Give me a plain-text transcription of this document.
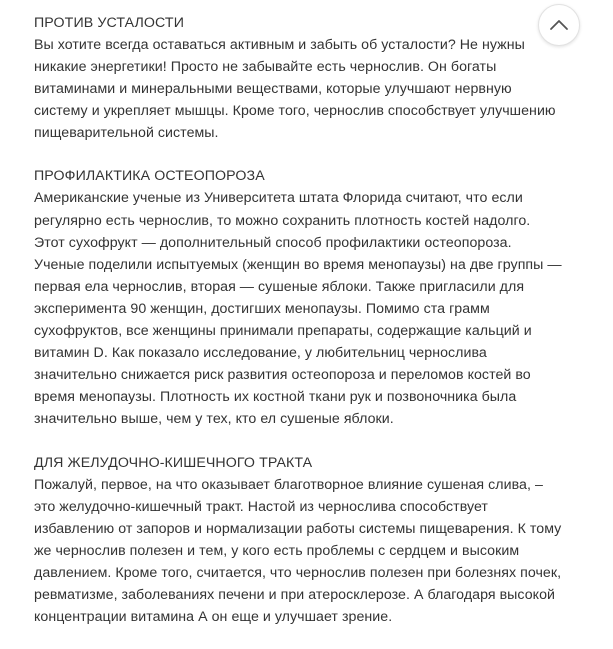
ПРОТИВ УСТАЛОСТИ

Вы хотите всегда оставаться активным и забыть об усталости? Не нужны
никакие энергетики! Просто не забывайте есть чернослив. Он богаты
витаминами и минеральными веществами, которые улучшают нервную
систему и укрепляет мышцы. Кроме того, чернослив способствует улучшению
пищеварительной системы.

ПРОФИЛАКТИКА ОСТЕОПОРОЗА

Американские ученые из Университета штата Флорида считают, что если
регулярно есть чернослив, то можно сохранить плотность костей надолго.
Этот сухофрукт — дополнительный способ профилактики остеопороза.
Ученые поделили испытуемых (женщин во время менопаузы) на две группы —
первая ела чернослив, вторая — сушеные яблоки. Также пригласили для
эксперимента 90 женщин, достигших менопаузы. Помимо ста грамм
сухофруктов, все женщины принимали препараты, содержащие кальций и
витамин D. Как показало исследование, у любительниц чернослива
значительно снижается риск развития остеопороза и переломов костей во
время менопаузы. Плотность их костной ткани рук и позвоночника была
значительно выше, чем у тех, кто ел сушеные яблоки.

ДЛЯ ЖЕЛУДОЧНО-КИШЕЧНОГО ТРАКТА

Пожалуй, первое, на что оказывает благотворное влияние сушеная слива, –
это желудочно-кишечный тракт. Настой из чернослива способствует
избавлению от запоров и нормализации работы системы пищеварения. К тому
же чернослив полезен и тем, у кого есть проблемы с сердцем и высоким
давлением. Кроме того, считается, что чернослив полезен при болезнях почек,
ревматизме, заболеваниях печени и при атеросклерозе. А благодаря высокой
концентрации витамина А он еще и улучшает зрение.
